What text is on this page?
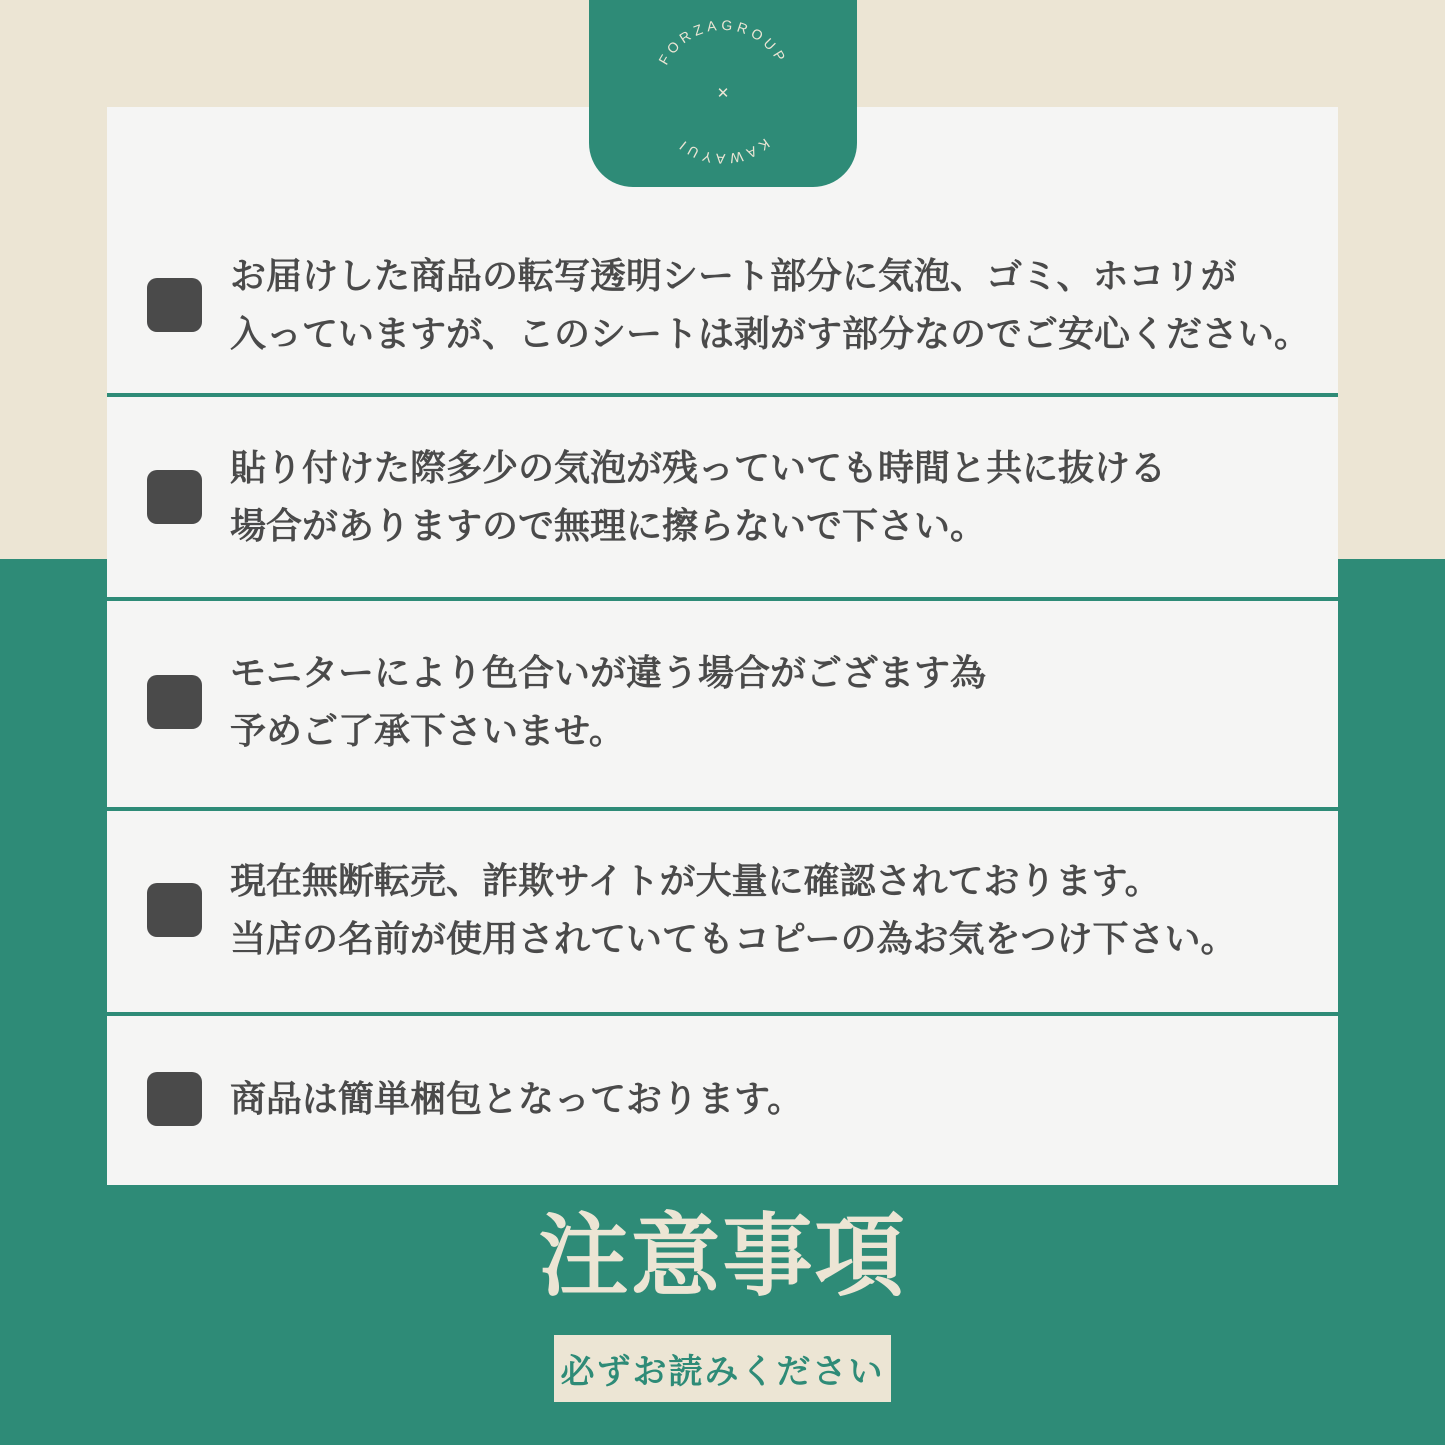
お届けした商品の転写透明シート部分に気泡、ゴミ、ホコリが
入っていますが、このシートは剥がす部分なのでご安心ください。
貼り付けた際多少の気泡が残っていても時間と共に抜ける
場合がありますので無理に擦らないで下さい。
モニターにより色合いが違う場合がござます為
予めご了承下さいませ。
現在無断転売、詐欺サイトが大量に確認されております。
当店の名前が使用されていてもコピーの為お気をつけ下さい。
商品は簡単梱包となっております。
FORZAGROUP
KAWAYUI
✕
注意事項
必ずお読みください
